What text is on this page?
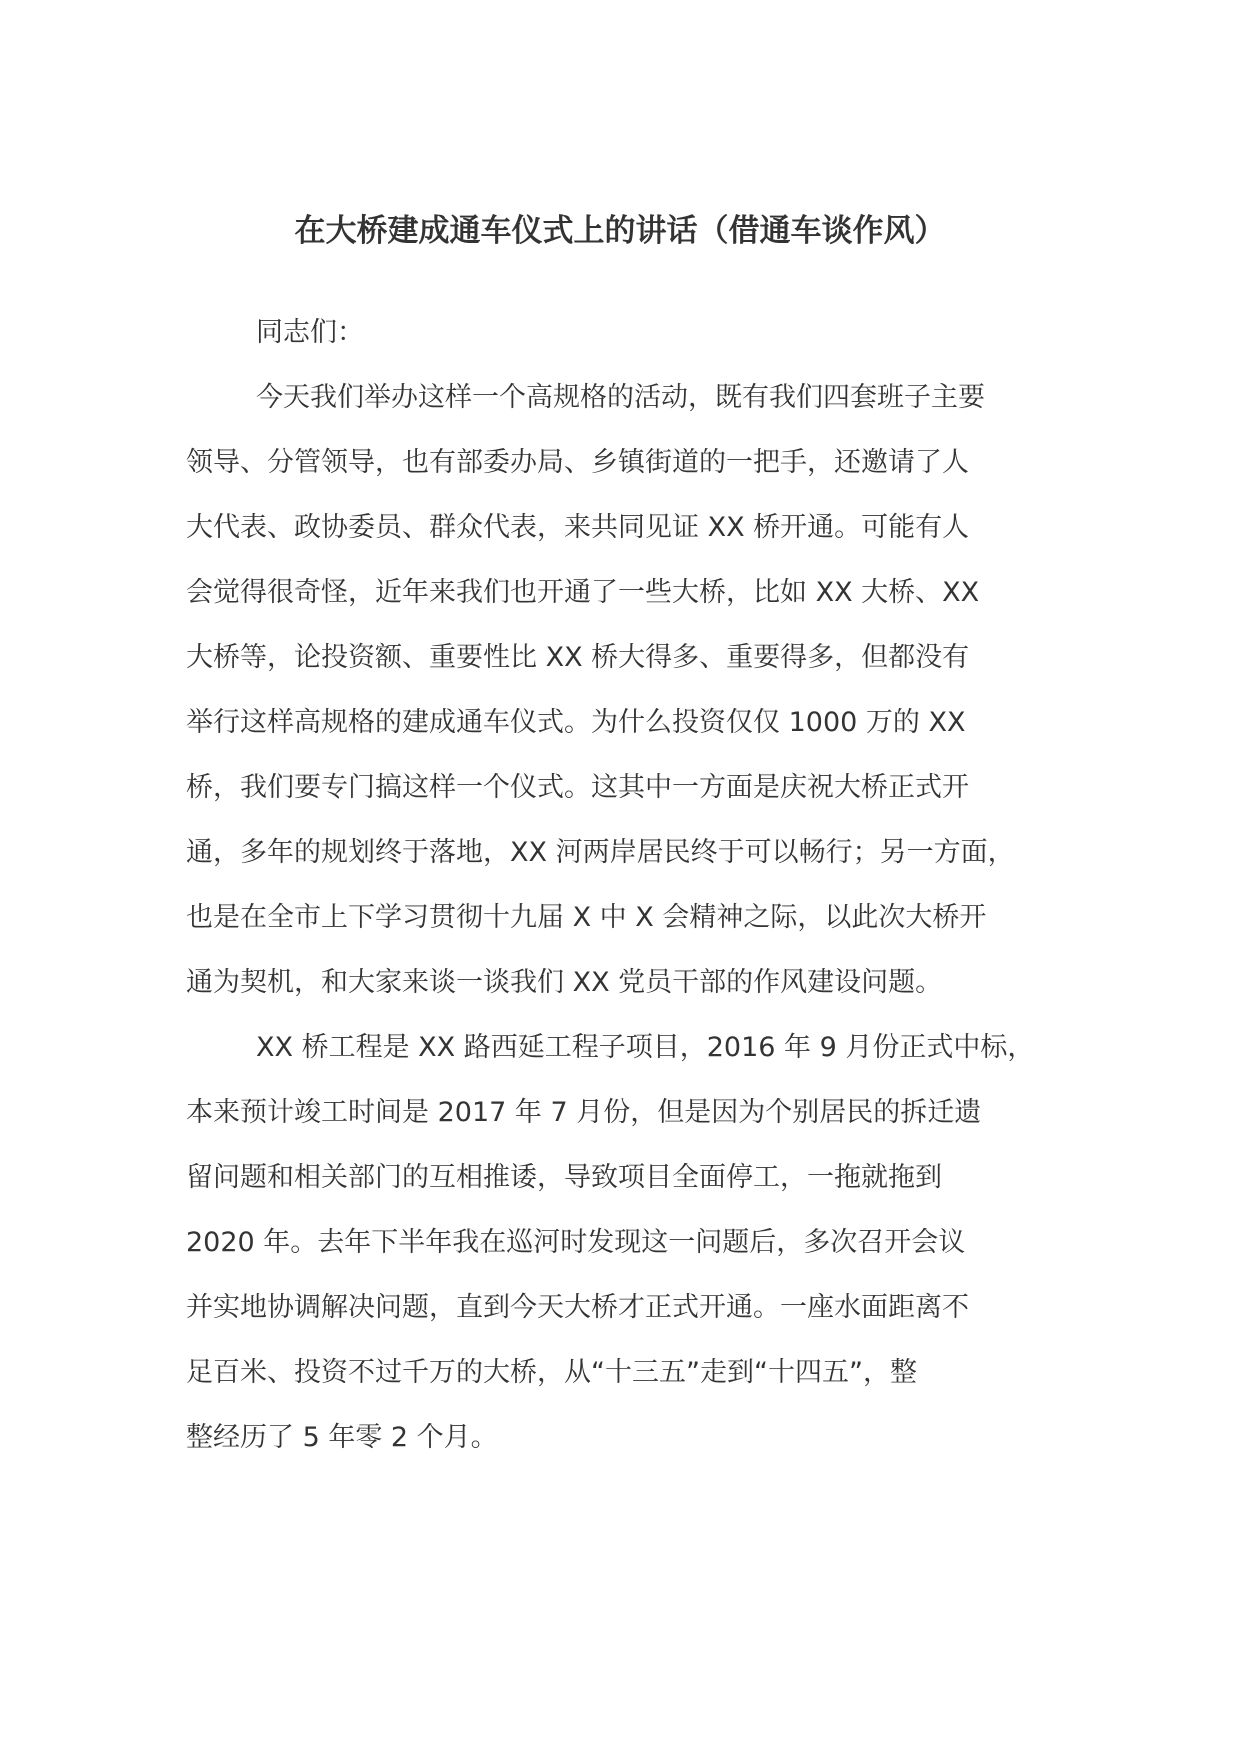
在大桥建成通车仪式上的讲话（借通车谈作风）
同志们：
今天我们举办这样一个高规格的活动，既有我们四套班子主要
领导、分管领导，也有部委办局、乡镇街道的一把手，还邀请了人
大代表、政协委员、群众代表，来共同见证 XX 桥开通。可能有人
会觉得很奇怪，近年来我们也开通了一些大桥，比如 XX 大桥、XX
大桥等，论投资额、重要性比 XX 桥大得多、重要得多，但都没有
举行这样高规格的建成通车仪式。为什么投资仅仅 1000 万的 XX
桥，我们要专门搞这样一个仪式。这其中一方面是庆祝大桥正式开
通，多年的规划终于落地，XX 河两岸居民终于可以畅行；另一方面，
也是在全市上下学习贯彻十九届 X 中 X 会精神之际，以此次大桥开
通为契机，和大家来谈一谈我们 XX 党员干部的作风建设问题。
XX 桥工程是 XX 路西延工程子项目，2016 年 9 月份正式中标，
本来预计竣工时间是 2017 年 7 月份，但是因为个别居民的拆迁遗
留问题和相关部门的互相推诿，导致项目全面停工，一拖就拖到
2020 年。去年下半年我在巡河时发现这一问题后，多次召开会议
并实地协调解决问题，直到今天大桥才正式开通。一座水面距离不
足百米、投资不过千万的大桥，从“十三五”走到“十四五”，整
整经历了 5 年零 2 个月。
